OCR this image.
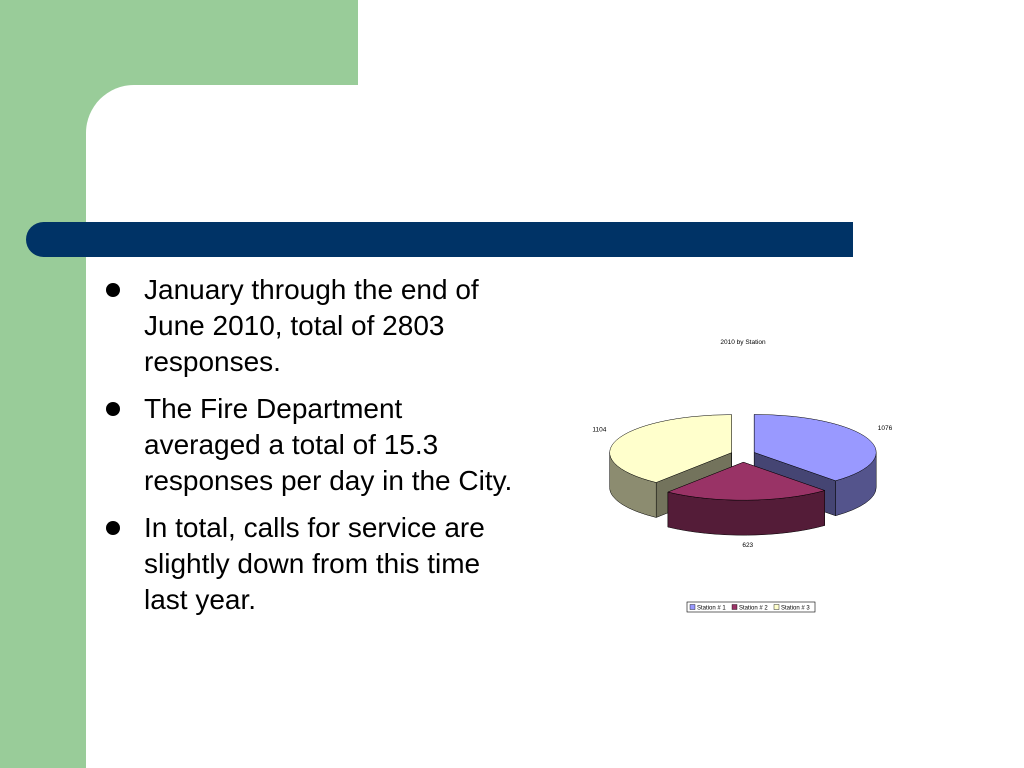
January through the end of June 2010, total of 2803 responses.
The Fire Department averaged a total of 15.3 responses per day in the City.
In total, calls for service are slightly down from this time last year.
2010 by Station
1076
623
1104
Station # 1 Station # 2 Station # 3
